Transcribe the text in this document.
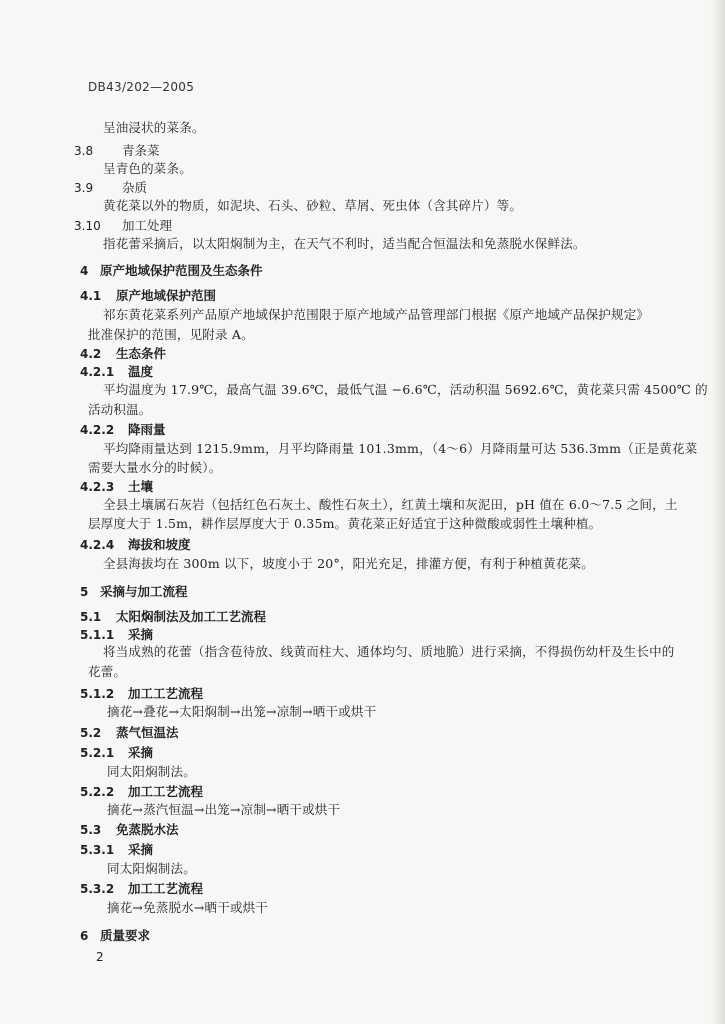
DB43/202—2005
呈油浸状的菜条。
3.8 青条菜
呈青色的菜条。
3.9 杂质
黄花菜以外的物质，如泥块、石头、砂粒、草屑、死虫体（含其碎片）等。
3.10 加工处理
指花蕾采摘后，以太阳焖制为主，在天气不利时，适当配合恒温法和免蒸脱水保鲜法。
4 原产地域保护范围及生态条件
4.1 原产地域保护范围
祁东黄花菜系列产品原产地域保护范围限于原产地域产品管理部门根据《原产地域产品保护规定》
批准保护的范围，见附录 A。
4.2 生态条件
4.2.1 温度
平均温度为 17.9℃，最高气温 39.6℃，最低气温 −6.6℃，活动积温 5692.6℃，黄花菜只需 4500℃ 的
活动积温。
4.2.2 降雨量
平均降雨量达到 1215.9mm，月平均降雨量 101.3mm，（4～6）月降雨量可达 536.3mm（正是黄花菜
需要大量水分的时候）。
4.2.3 土壤
全县土壤属石灰岩（包括红色石灰土、酸性石灰土），红黄土壤和灰泥田，pH 值在 6.0～7.5 之间，土
层厚度大于 1.5m，耕作层厚度大于 0.35m。黄花菜正好适宜于这种微酸或弱性土壤种植。
4.2.4 海拔和坡度
全县海拔均在 300m 以下，坡度小于 20°，阳光充足，排灌方便，有利于种植黄花菜。
5 采摘与加工流程
5.1 太阳焖制法及加工工艺流程
5.1.1 采摘
将当成熟的花蕾（指含苞待放、线黄而柱大、通体均匀、质地脆）进行采摘，不得损伤幼杆及生长中的
花蕾。
5.1.2 加工工艺流程
摘花→叠花→太阳焖制→出笼→凉制→晒干或烘干
5.2 蒸气恒温法
5.2.1 采摘
同太阳焖制法。
5.2.2 加工工艺流程
摘花→蒸汽恒温→出笼→凉制→晒干或烘干
5.3 免蒸脱水法
5.3.1 采摘
同太阳焖制法。
5.3.2 加工工艺流程
摘花→免蒸脱水→晒干或烘干
6 质量要求
2
